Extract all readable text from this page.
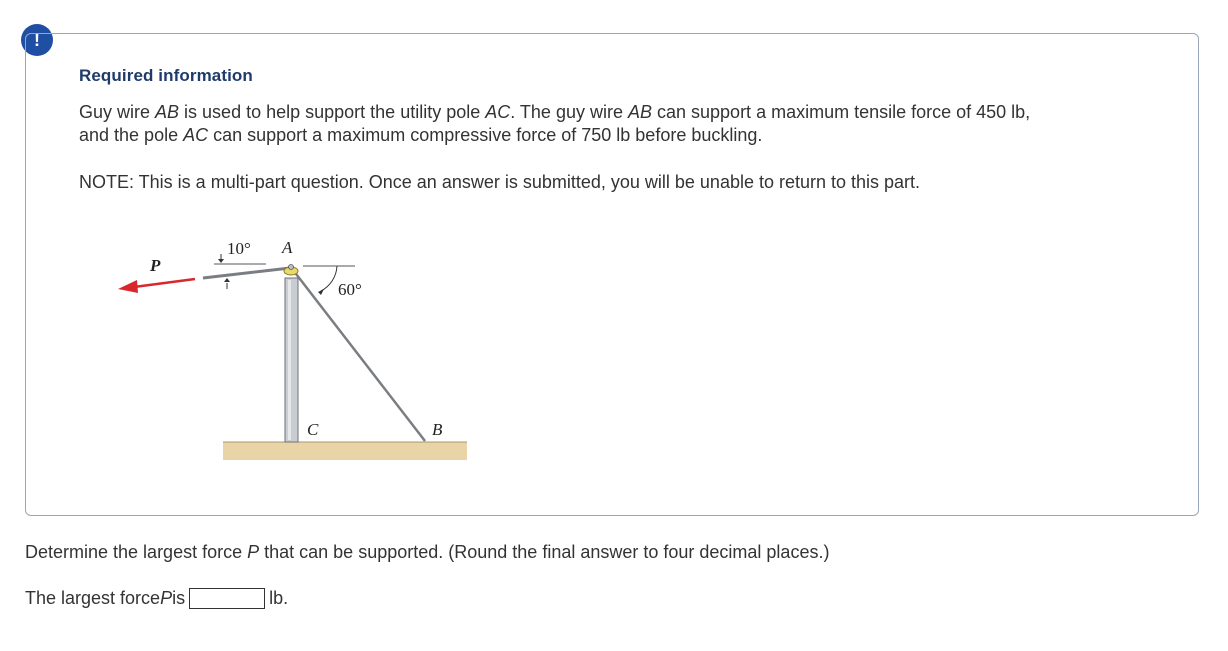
!
Required information
Guy wire AB is used to help support the utility pole AC. The guy wire AB can support a maximum tensile force of 450 lb,
and the pole AC can support a maximum compressive force of 750 lb before buckling.
NOTE: This is a multi-part question. Once an answer is submitted, you will be unable to return to this part.
P
10° A
60°
C	B
Determine the largest force P that can be supported. (Round the final answer to four decimal places.)
The largest force P is	lb.
